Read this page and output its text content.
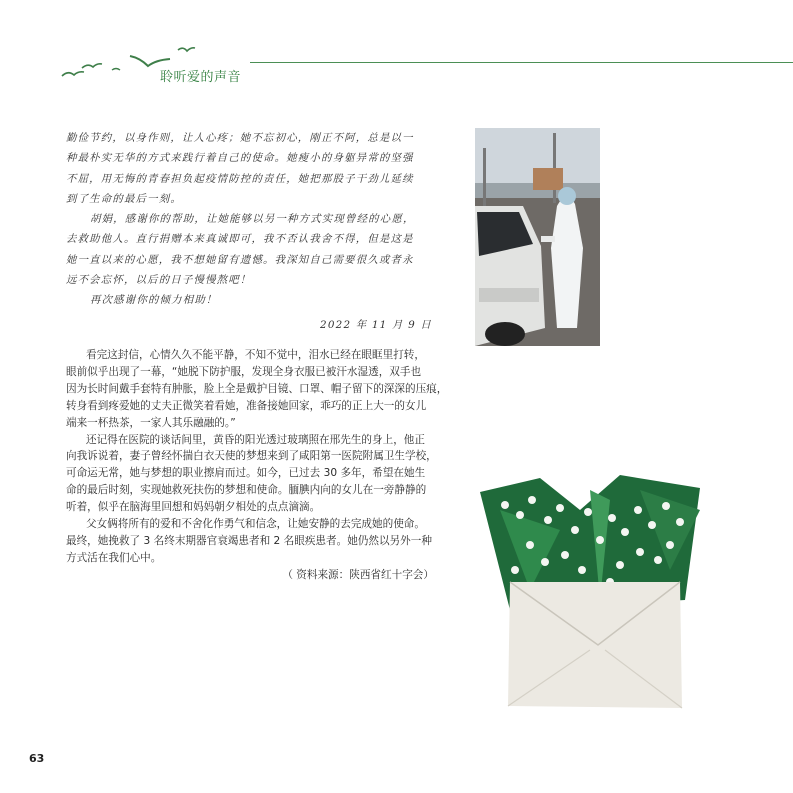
聆听爱的声音

勤俭节约，以身作则，让人心疼；她不忘初心，刚正不阿，总是以一
种最朴实无华的方式来践行着自己的使命。她瘦小的身躯异常的坚强
不屈，用无悔的青春担负起疫情防控的责任，她把那股子干劲儿延续
到了生命的最后一刻。

胡娟，感谢你的帮助，让她能够以另一种方式实现曾经的心愿，
去救助他人。直行捐赠本来真诚即可，我不否认我舍不得，但是这是
她一直以来的心愿，我不想她留有遗憾。我深知自己需要很久或者永
远不会忘怀，以后的日子慢慢熬吧！

再次感谢你的倾力相助！

2022 年 11 月 9 日

看完这封信，心情久久不能平静，不知不觉中，泪水已经在眼眶里打转，
眼前似乎出现了一幕，“她脱下防护服，发现全身衣服已被汗水湿透，双手也
因为长时间戴手套特有肿胀，脸上全是戴护目镜、口罩、帽子留下的深深的压痕，
转身看到疼爱她的丈夫正微笑着看她，准备接她回家，乖巧的正上大一的女儿
端来一杯热茶，一家人其乐融融的。”

还记得在医院的谈话间里，黄昏的阳光透过玻璃照在邢先生的身上，他正
向我诉说着，妻子曾经怀揣白衣天使的梦想来到了咸阳第一医院附属卫生学校，
可命运无常，她与梦想的职业擦肩而过。如今，已过去 30 多年，希望在她生
命的最后时刻，实现她救死扶伤的梦想和使命。腼腆内向的女儿在一旁静静的
听着，似乎在脑海里回想和妈妈朝夕相处的点点滴滴。

父女俩将所有的爱和不舍化作勇气和信念，让她安静的去完成她的使命。
最终，她挽救了 3 名终末期器官衰竭患者和 2 名眼疾患者。她仍然以另外一种
方式活在我们心中。

（ 资料来源：陕西省红十字会）

63
